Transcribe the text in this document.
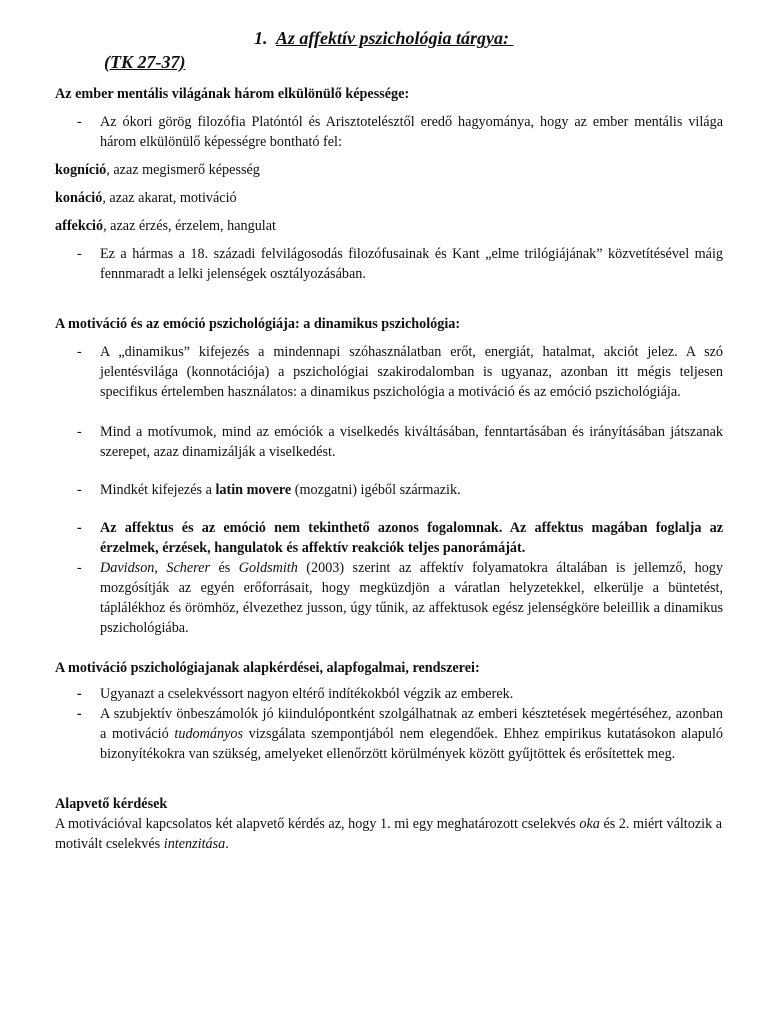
1. Az affektív pszichológia tárgya:
(TK 27-37)

Az ember mentális világának három elkülönülő képessége:

- Az ókori görög filozófia Platóntól és Arisztotelésztől eredő hagyománya, hogy az ember mentális világa három elkülönülő képességre bontható fel:

kogníció, azaz megismerő képesség

konáció, azaz akarat, motiváció

affekció, azaz érzés, érzelem, hangulat

- Ez a hármas a 18. századi felvilágosodás filozófusainak és Kant „elme trilógiájának” közvetítésével máig fennmaradt a lelki jelenségek osztályozásában.

A motiváció és az emóció pszichológiája: a dinamikus pszichológia:

- A „dinamikus” kifejezés a mindennapi szóhasználatban erőt, energiát, hatalmat, akciót jelez. A szó jelentésvilága (konnotációja) a pszichológiai szakirodalomban is ugyanaz, azonban itt mégis teljesen specifikus értelemben használatos: a dinamikus pszichológia a motiváció és az emóció pszichológiája.
- Mind a motívumok, mind az emóciók a viselkedés kiváltásában, fenntartásában és irányításában játszanak szerepet, azaz dinamizálják a viselkedést.
- Mindkét kifejezés a latin movere (mozgatni) igéből származik.
- Az affektus és az emóció nem tekinthető azonos fogalomnak. Az affektus magában foglalja az érzelmek, érzések, hangulatok és affektív reakciók teljes panorámáját.
- Davidson, Scherer és Goldsmith (2003) szerint az affektív folyamatokra általában is jellemző, hogy mozgósítják az egyén erőforrásait, hogy megküzdjön a váratlan helyzetekkel, elkerülje a büntetést, táplálékhoz és örömhöz, élvezethez jusson, úgy tűnik, az affektusok egész jelenségköre beleillik a dinamikus pszichológiába.

A motiváció pszichológiajanak alapkérdései, alapfogalmai, rendszerei:

- Ugyanazt a cselekvéssort nagyon eltérő indítékokból végzik az emberek.
- A szubjektív önbeszámolók jó kiindulópontként szolgálhatnak az emberi késztetések megértéséhez, azonban a motiváció tudományos vizsgálata szempontjából nem elegendőek. Ehhez empirikus kutatásokon alapuló bizonyítékokra van szükség, amelyeket ellenőrzött körülmények között gyűjtöttek és erősítettek meg.

Alapvető kérdések

A motivációval kapcsolatos két alapvető kérdés az, hogy 1. mi egy meghatározott cselekvés oka és 2. miért változik a motivált cselekvés intenzitása.
